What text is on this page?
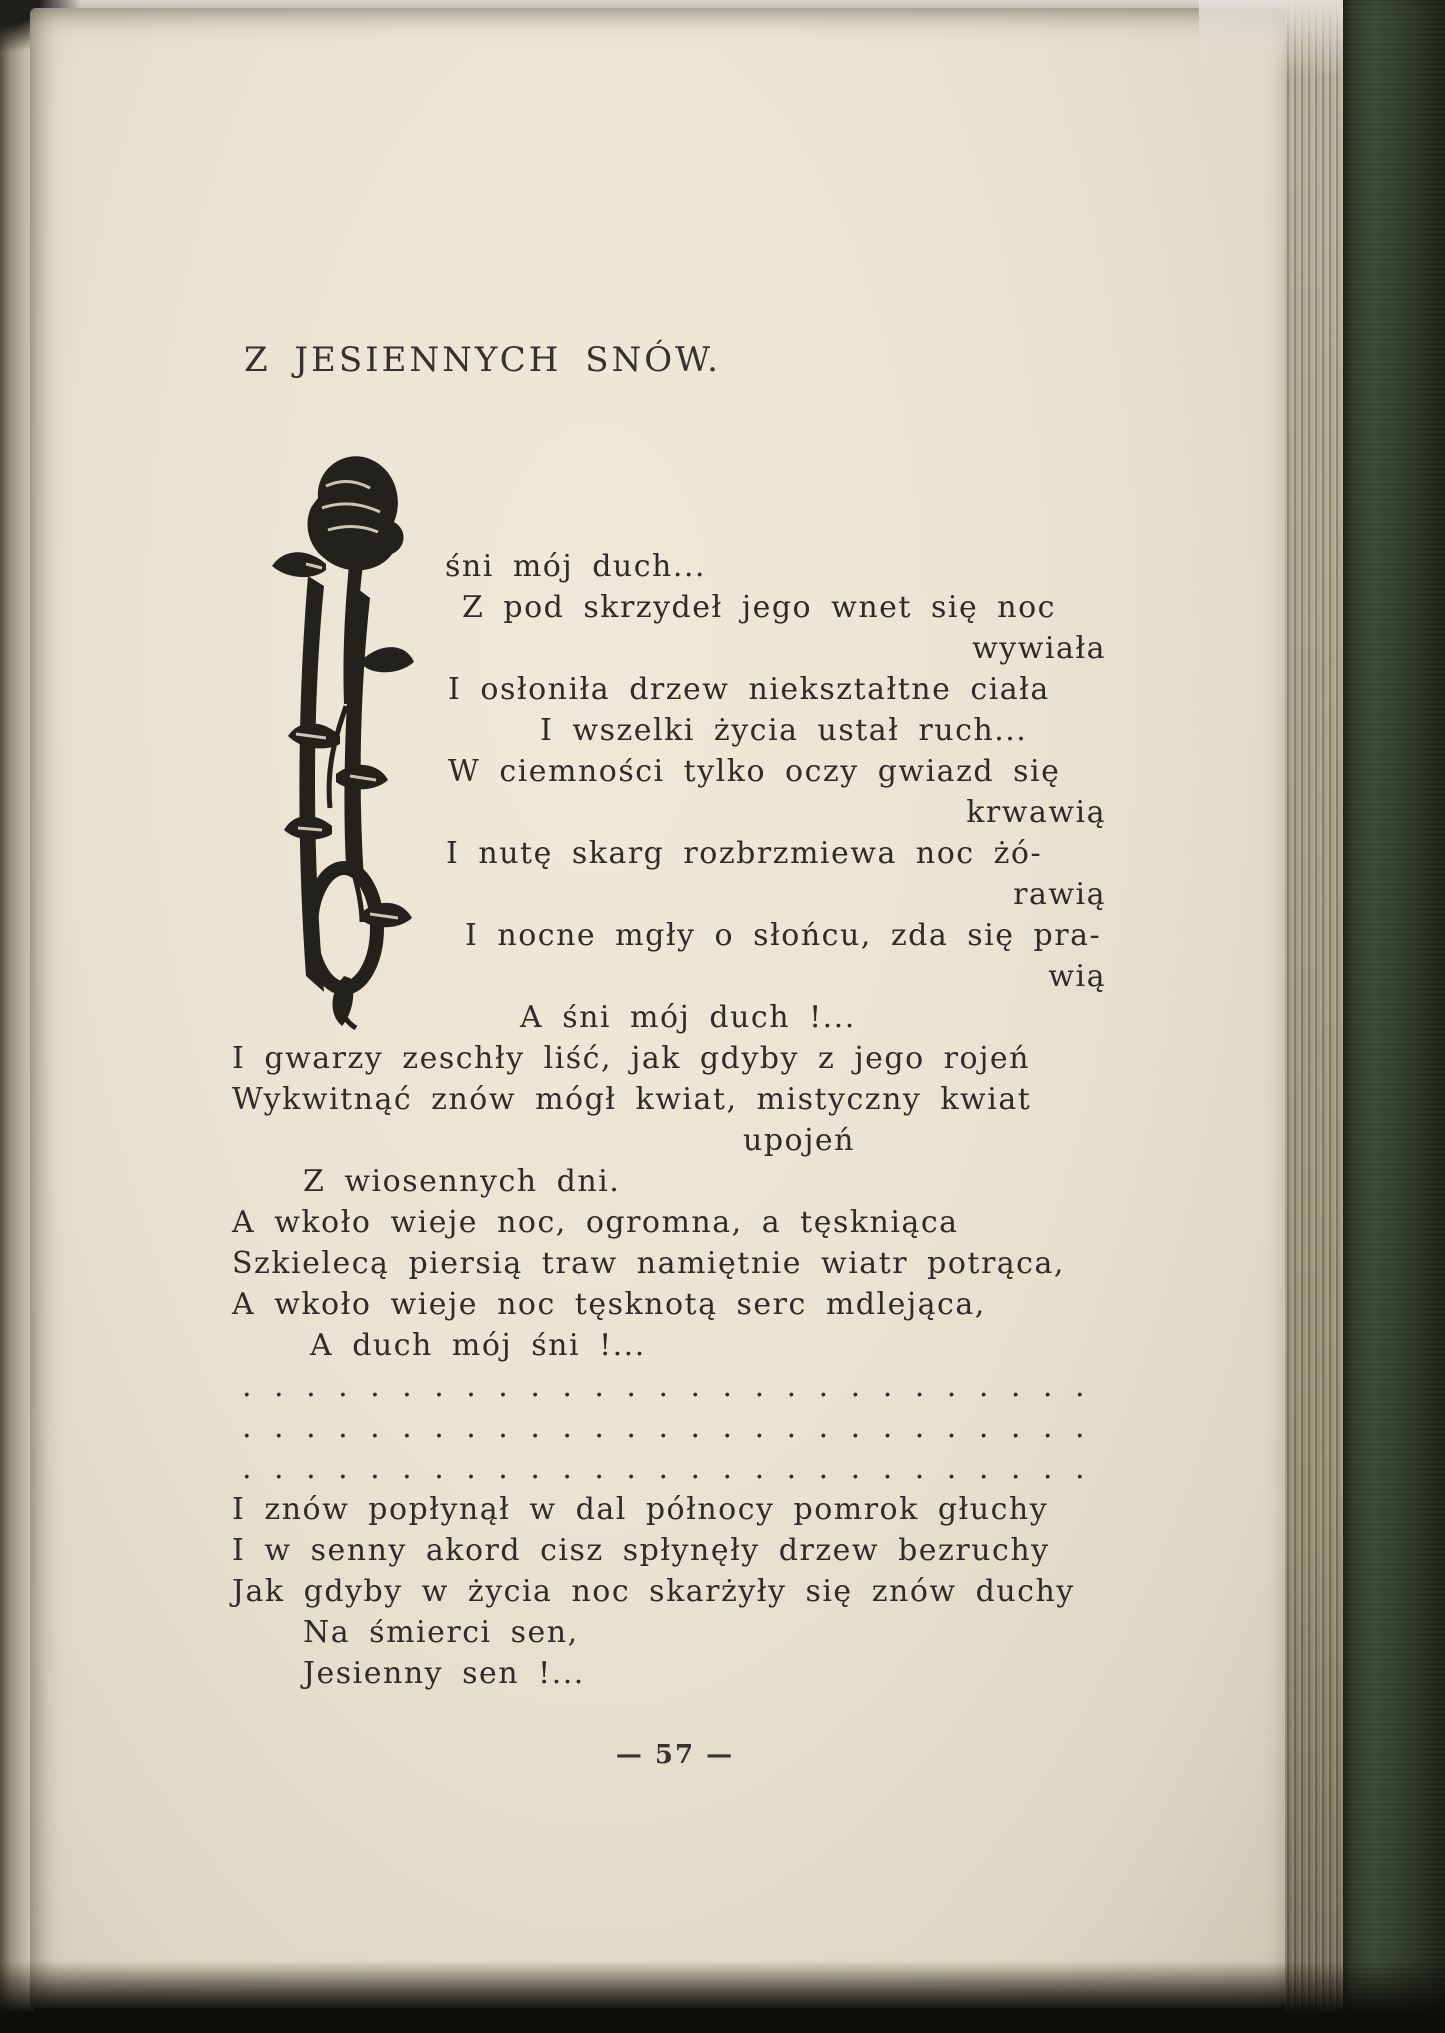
Z JESIENNYCH SNÓW.
śni mój duch...
Z pod skrzydeł jego wnet się noc
wywiała
I osłoniła drzew niekształtne ciała
I wszelki życia ustał ruch...
W ciemności tylko oczy gwiazd się
krwawią
I nutę skarg rozbrzmiewa noc żó-
rawią
I nocne mgły o słońcu, zda się pra-
wią
A śni mój duch !...
I gwarzy zeschły liść, jak gdyby z jego rojeń
Wykwitnąć znów mógł kwiat, mistyczny kwiat
upojeń
Z wiosennych dni.
A wkoło wieje noc, ogromna, a tęskniąca
Szkielecą piersią traw namiętnie wiatr potrąca,
A wkoło wieje noc tęsknotą serc mdlejąca,
A duch mój śni !...
...........................
...........................
...........................
I znów popłynął w dal północy pomrok głuchy
I w senny akord cisz spłynęły drzew bezruchy
Jak gdyby w życia noc skarżyły się znów duchy
Na śmierci sen,
Jesienny sen !...
— 57 —
